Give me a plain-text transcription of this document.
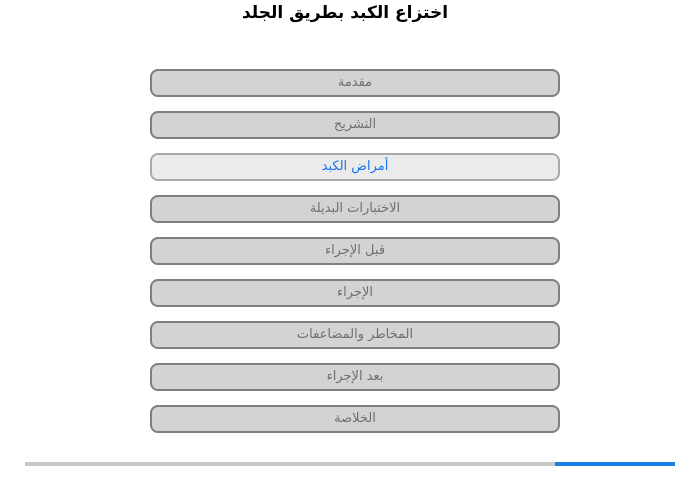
اختزاع الكبد بطريق الجلد
مقدمة
التشريح
أمراض الكبد
الاختبارات البديلة
قبل الإجراء
الإجراء
المخاطر والمضاعفات
بعد الإجراء
الخلاصة
